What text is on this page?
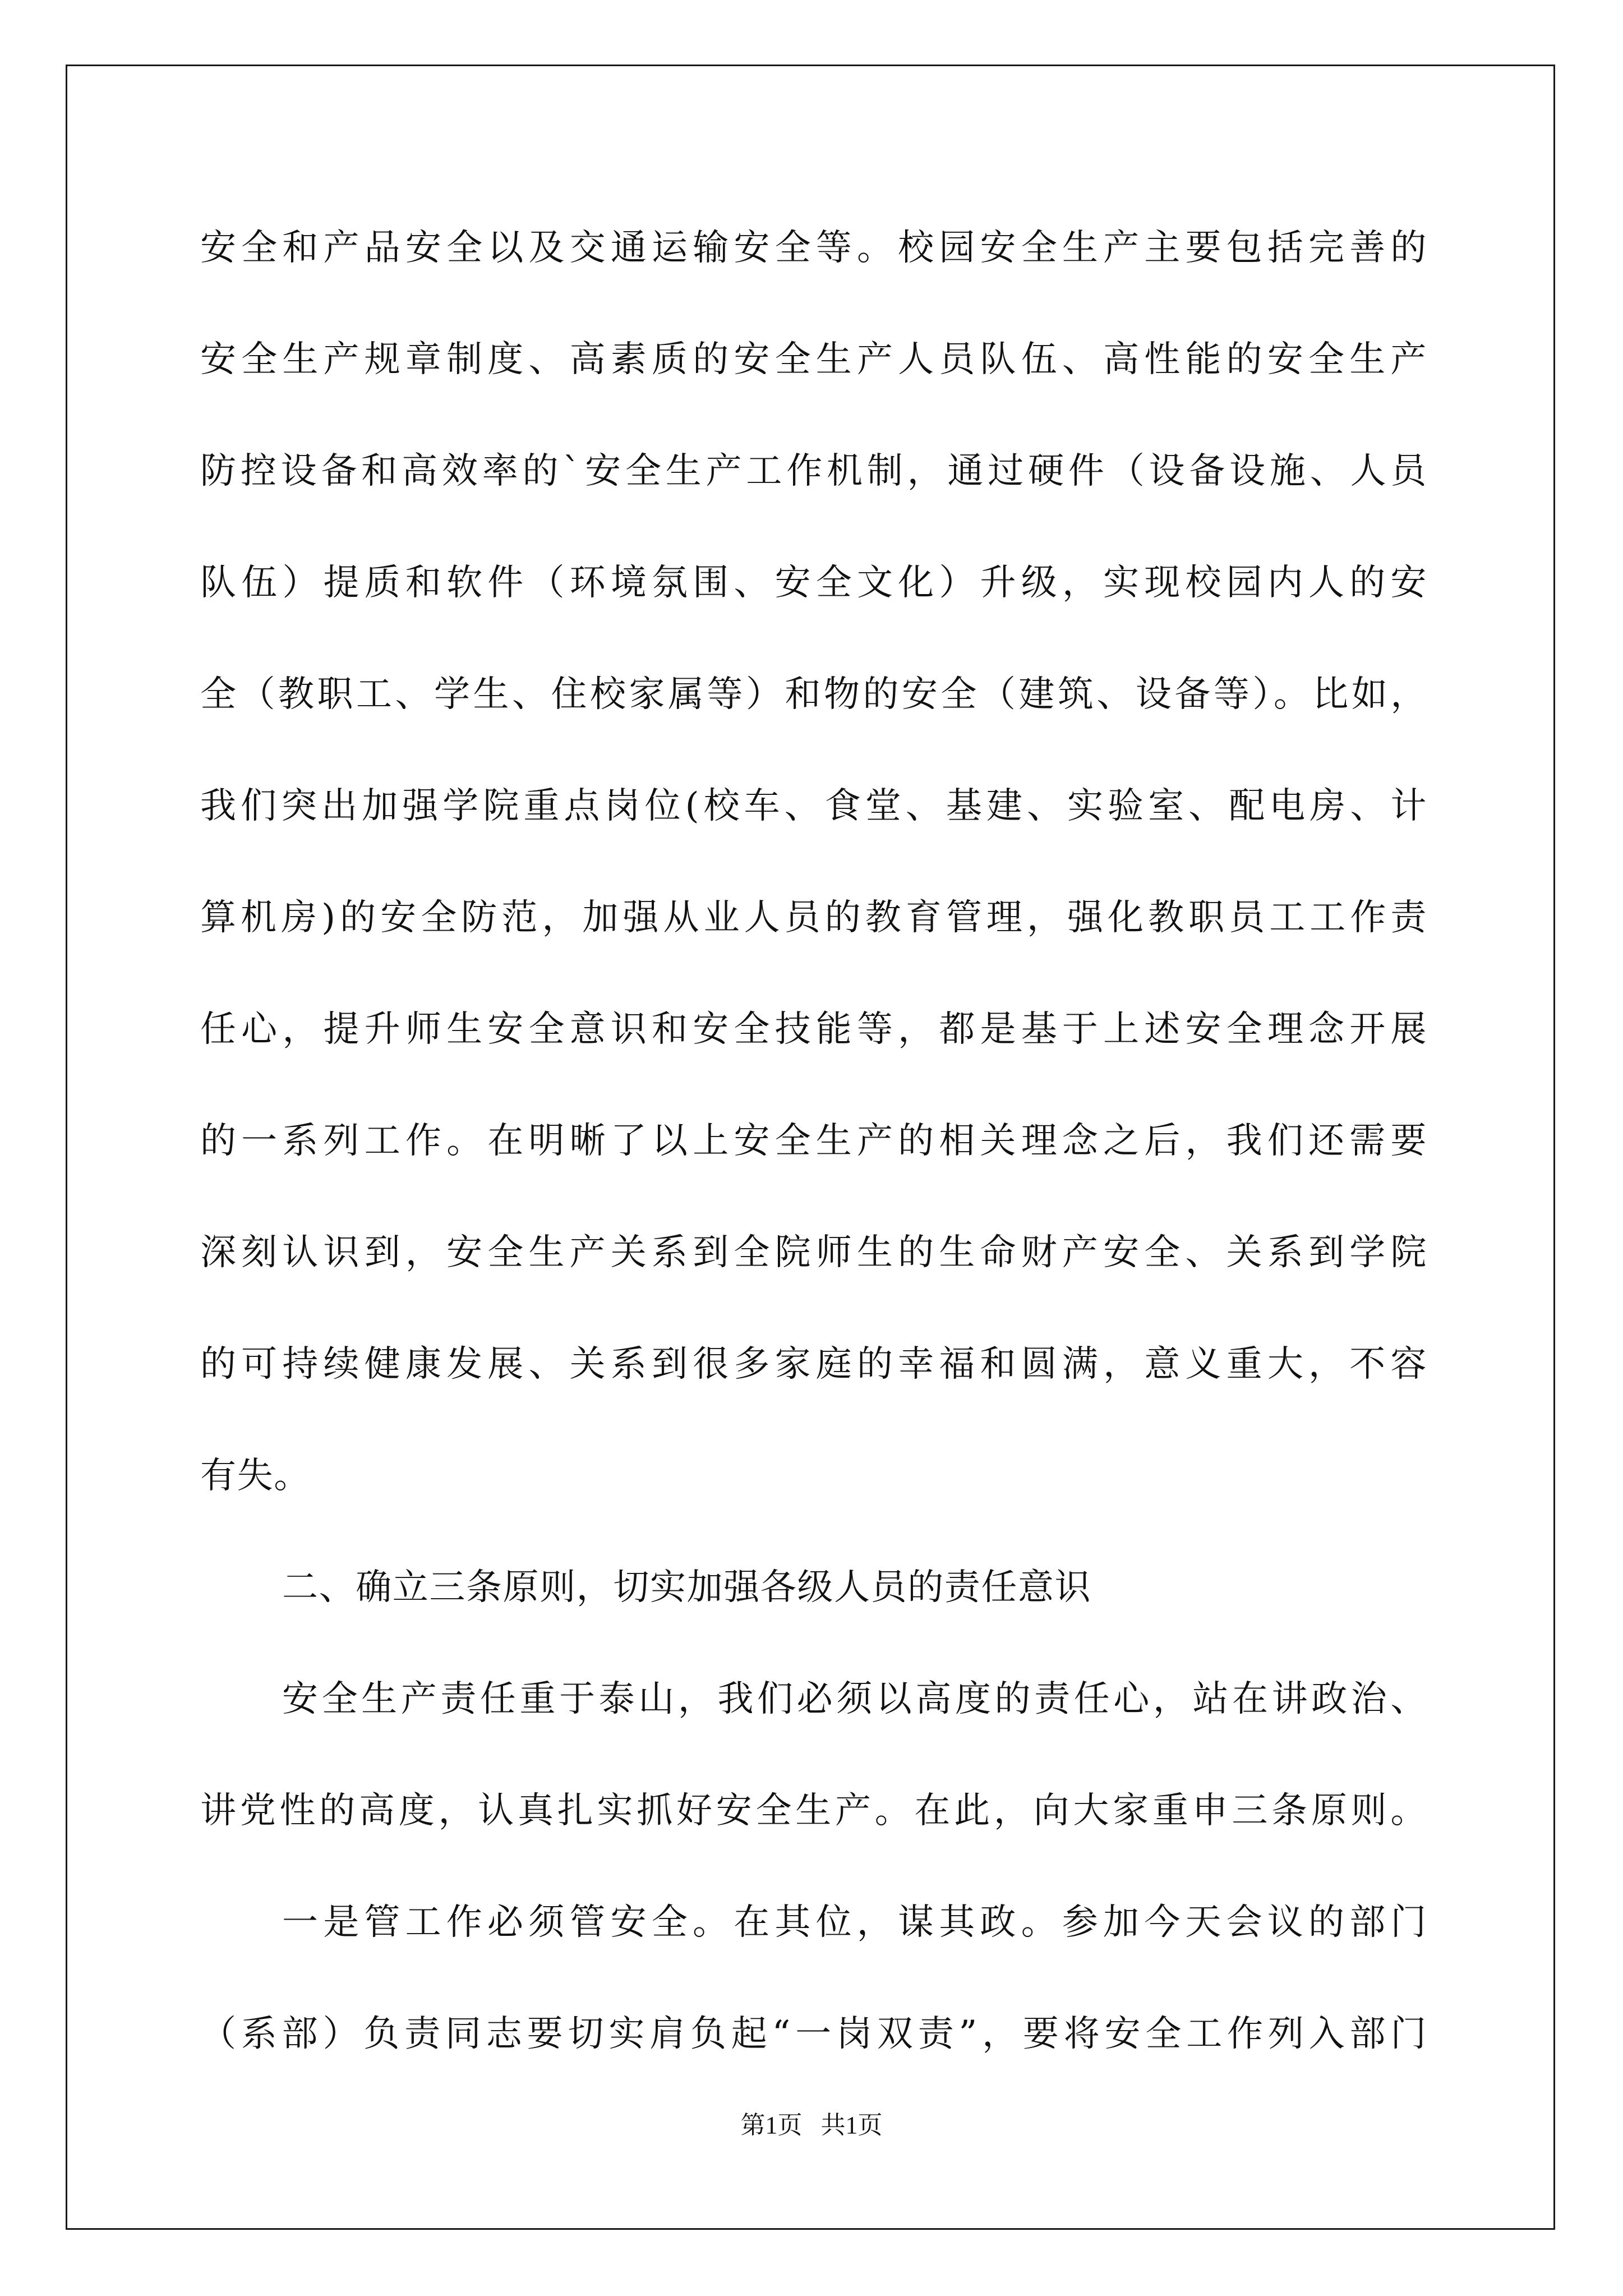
安全和产品安全以及交通运输安全等。校园安全生产主要包括完善的
安全生产规章制度、高素质的安全生产人员队伍、高性能的安全生产
防控设备和高效率的`安全生产工作机制，通过硬件（设备设施、人员
队伍）提质和软件（环境氛围、安全文化）升级，实现校园内人的安
全（教职工、学生、住校家属等）和物的安全（建筑、设备等）。比如，
我们突出加强学院重点岗位(校车、食堂、基建、实验室、配电房、计
算机房)的安全防范，加强从业人员的教育管理，强化教职员工工作责
任心，提升师生安全意识和安全技能等，都是基于上述安全理念开展
的一系列工作。在明晰了以上安全生产的相关理念之后，我们还需要
深刻认识到，安全生产关系到全院师生的生命财产安全、关系到学院
的可持续健康发展、关系到很多家庭的幸福和圆满，意义重大，不容
有失。
二、确立三条原则，切实加强各级人员的责任意识
安全生产责任重于泰山，我们必须以高度的责任心，站在讲政治、
讲党性的高度，认真扎实抓好安全生产。在此，向大家重申三条原则。
一是管工作必须管安全。在其位，谋其政。参加今天会议的部门
（系部）负责同志要切实肩负起“一岗双责”，要将安全工作列入部门
第1页   共1页
